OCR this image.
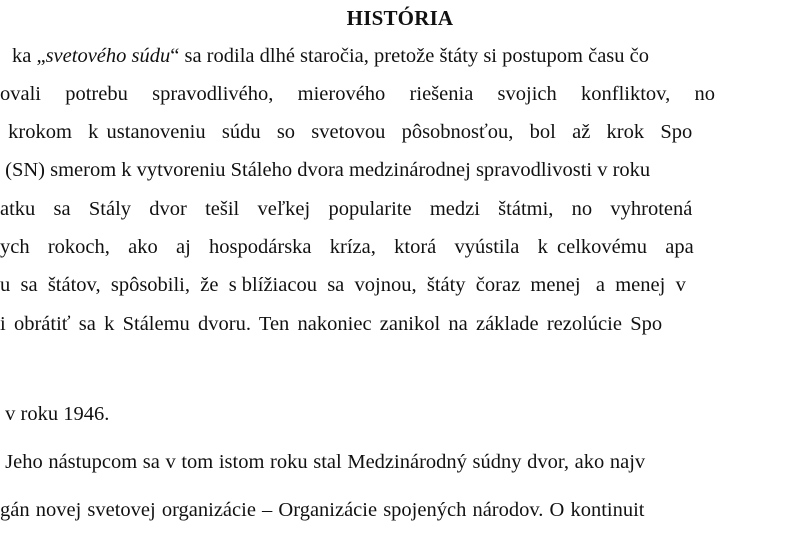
HISTÓRIA
ka „svetového súdu“ sa rodila dlhé staročia, pretože štáty si postupom času čo
ovali  potrebu  spravodlivého,  mierového  riešenia  svojich  konfliktov,  no
krokom  k ustanoveniu  súdu  so  svetovou  pôsobnosťou,  bol  až  krok  Spo
(SN) smerom k vytvoreniu Stáleho dvora medzinárodnej spravodlivosti v roku
atku  sa  Stály  dvor  tešil  veľkej  popularite  medzi  štátmi,  no  vyhrotená
ych  rokoch,  ako  aj  hospodárska  kríza,  ktorá  vyústila  k celkovému  apa
u  sa  štátov,  spôsobili,  že  s blížiacou  sa  vojnou,  štáty  čoraz  menej   a  menej  v
i  obrátiť  sa  k  Stálemu  dvoru.  Ten  nakoniec  zanikol  na  základe  rezolúcie  Spo
v roku 1946.
Jeho nástupcom sa v tom istom roku stal Medzinárodný súdny dvor, ako najv
gán novej svetovej organizácie – Organizácie spojených národov. O kontinuit
